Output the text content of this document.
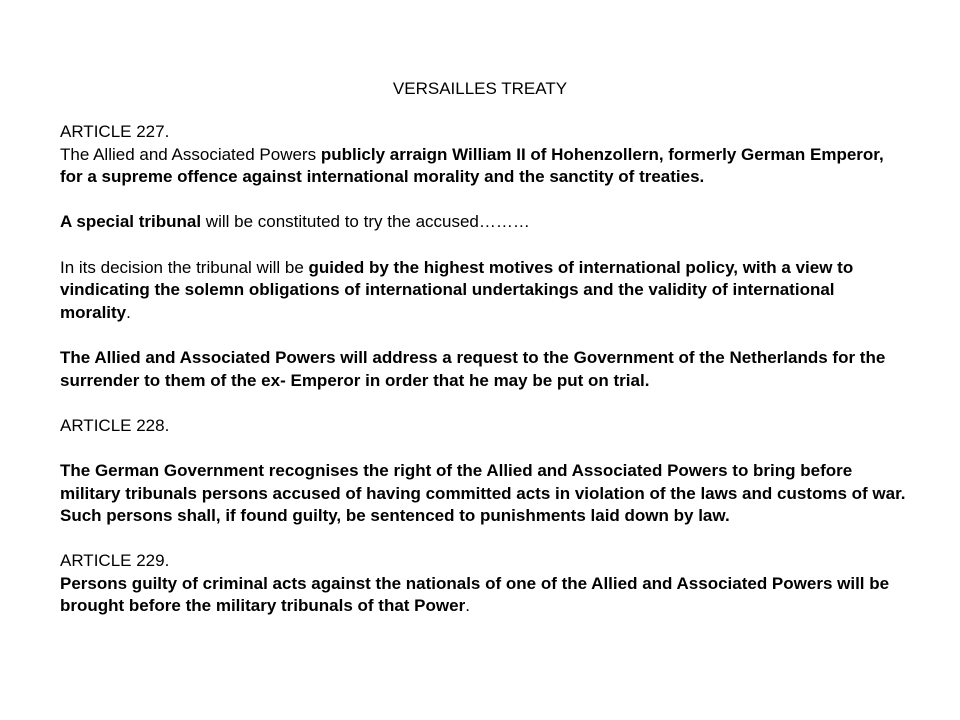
VERSAILLES TREATY

ARTICLE 227.

The Allied and Associated Powers publicly arraign William II of Hohenzollern, formerly German Emperor, for a supreme offence against international morality and the sanctity of treaties.

A special tribunal will be constituted to try the accused………

In its decision the tribunal will be guided by the highest motives of international policy, with a view to vindicating the solemn obligations of international undertakings and the validity of international morality.

The Allied and Associated Powers will address a request to the Government of the Netherlands for the surrender to them of the ex- Emperor in order that he may be put on trial.

ARTICLE 228.

The German Government recognises the right of the Allied and Associated Powers to bring before military tribunals persons accused of having committed acts in violation of the laws and customs of war. Such persons shall, if found guilty, be sentenced to punishments laid down by law.

ARTICLE 229.

Persons guilty of criminal acts against the nationals of one of the Allied and Associated Powers will be brought before the military tribunals of that Power.
